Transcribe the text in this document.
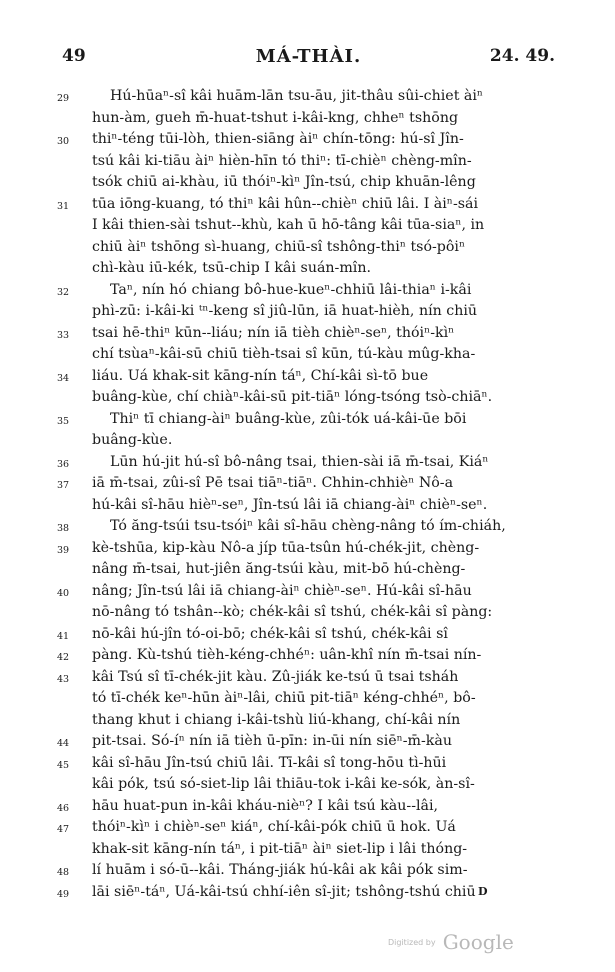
49	MÁ-THÀI.	24. 49.
29	Hú-hūaⁿ-sî kâi huām-lān tsu-āu, jit-thâu sûi-chiet àiⁿ
hun-àm, gueh m̄-huat-tshut i-kâi-kng, chheⁿ tshōng
30	thiⁿ-téng tūi-lòh, thien-siāng àiⁿ chín-tōng: hú-sî Jîn-
tsú kâi ki-tiāu àiⁿ hièn-hīn tó thiⁿ: tī-chièⁿ chèng-mîn-
tsók chiū ai-khàu, iū thóiⁿ-kìⁿ Jîn-tsú, chip khuān-lêng
31	tūa iōng-kuang, tó thiⁿ kâi hûn--chièⁿ chiū lâi. I àiⁿ-sái
I kâi thien-sài tshut--khù, kah ū hō-tâng kâi tūa-siaⁿ, in
chiū àiⁿ tshōng sì-huang, chiū-sî tshông-thiⁿ tsó-pôiⁿ
chì-kàu iū-kék, tsū-chip I kâi suán-mîn.
32	Taⁿ, nín hó chiang bô-hue-kueⁿ-chhiū lâi-thiaⁿ i-kâi
phì-zū: i-kâi-ki ᵗⁿ-keng sî jiû-lūn, iā huat-hièh, nín chiū
33	tsai hē-thiⁿ kūn--liáu; nín iā tièh chièⁿ-seⁿ, thóiⁿ-kìⁿ
chí tsùaⁿ-kâi-sū chiū tièh-tsai sî kūn, tú-kàu mûg-kha-
34	liáu. Uá khak-sit kāng-nín táⁿ, Chí-kâi sì-tō bue
buâng-kùe, chí chiàⁿ-kâi-sū pit-tiāⁿ lóng-tsóng tsò-chiāⁿ.
35	Thiⁿ tī chiang-àiⁿ buâng-kùe, zûi-tók uá-kâi-ūe bōi
buâng-kùe.
36	Lūn hú-jit hú-sî bô-nâng tsai, thien-sài iā m̄-tsai, Kiáⁿ
37	iā m̄-tsai, zûi-sî Pē tsai tiāⁿ-tiāⁿ. Chhin-chhièⁿ Nô-a
hú-kâi sî-hāu hièⁿ-seⁿ, Jîn-tsú lâi iā chiang-àiⁿ chièⁿ-seⁿ.
38	Tó ăng-tsúi tsu-tsóiⁿ kâi sî-hāu chèng-nâng tó ím-chiáh,
39	kè-tshūa, kip-kàu Nô-a jíp tūa-tsûn hú-chék-jit, chèng-
nâng m̄-tsai, hut-jiên ăng-tsúi kàu, mit-bō hú-chèng-
40	nâng; Jîn-tsú lâi iā chiang-àiⁿ chièⁿ-seⁿ. Hú-kâi sî-hāu
nō-nâng tó tshân--kò; chék-kâi sî tshú, chék-kâi sî pàng:
41	nō-kâi hú-jîn tó-oi-bō; chék-kâi sî tshú, chék-kâi sî
42	pàng. Kù-tshú tièh-kéng-chhéⁿ: uân-khî nín m̄-tsai nín-
43	kâi Tsú sî tī-chék-jit kàu. Zû-jiák ke-tsú ū tsai tsháh
tó tī-chék keⁿ-hūn àiⁿ-lâi, chiū pit-tiāⁿ kéng-chhéⁿ, bô-
thang khut i chiang i-kâi-tshù liú-khang, chí-kâi nín
44	pit-tsai. Só-íⁿ nín iā tièh ū-pīn: in-ūi nín siēⁿ-m̄-kàu
45	kâi sî-hāu Jîn-tsú chiū lâi. Tī-kâi sî tong-hōu tì-hūi
kâi pók, tsú só-siet-lip lâi thiāu-tok i-kâi ke-sók, àn-sî-
46	hāu huat-pun in-kâi kháu-nièⁿ? I kâi tsú kàu--lâi,
47	thóiⁿ-kìⁿ i chièⁿ-seⁿ kiáⁿ, chí-kâi-pók chiū ū hok. Uá
khak-sit kāng-nín táⁿ, i pit-tiāⁿ àiⁿ siet-lip i lâi thóng-
48	lí huām i só-ū--kâi. Tháng-jiák hú-kâi ak kâi pók sim-
49	lāi siēⁿ-táⁿ, Uá-kâi-tsú chhí-iên sî-jit; tshông-tshú chiū D
$^{Digitized by}$ Google
